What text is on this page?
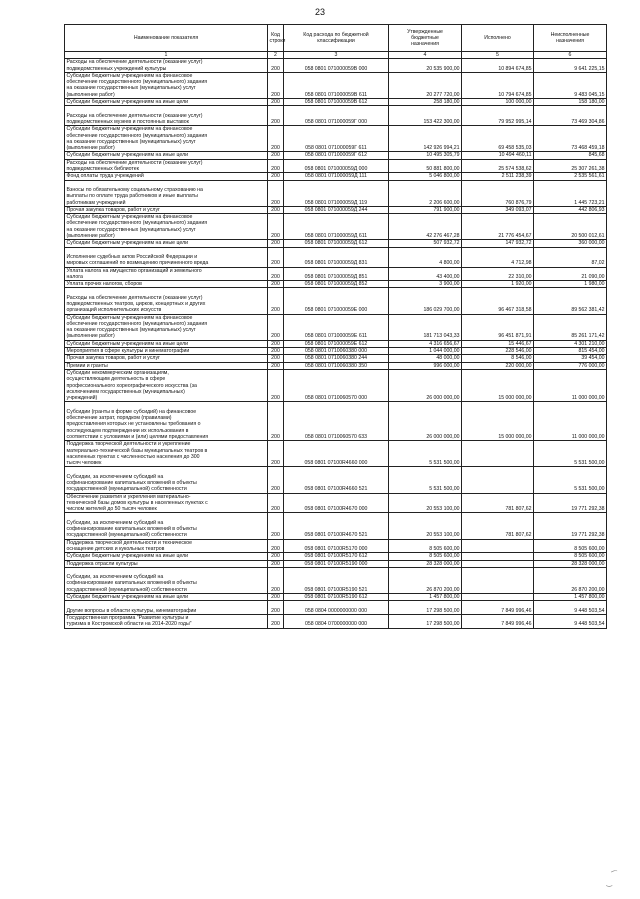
23
Наименование показателя	Код
строки	Код расхода по бюджетной классификации	Утвержденные
бюджетные
назначения	Исполнено	Неисполненные
назначения
1	2	3	4	5	6
Расходы на обеспечение деятельности (оказание услуг)
подведомственных учреждений культуры	200	058 0801 071000059В 000	20 535 900,00	10 894 674,85	9 641 225,15
Субсидии бюджетным учреждениям на финансовое
обеспечение государственного (муниципального) задания
на оказание государственных (муниципальных) услуг
(выполнение работ)	200	058 0801 071000059В 611	20 277 720,00	10 794 674,85	9 483 045,15
Субсидии бюджетным учреждениям на иные цели	200	058 0801 071000059В 612	258 180,00	100 000,00	158 180,00

Расходы на обеспечение деятельности (оказание услуг)
подведомственных музеев и постоянных выставок	200	058 0801 071000059Г 000	153 422 300,00	79 952 995,14	73 469 304,86
Субсидии бюджетным учреждениям на финансовое
обеспечение государственного (муниципального) задания
на оказание государственных (муниципальных) услуг
(выполнение работ)	200	058 0801 071000059Г 611	142 926 994,21	69 458 535,03	73 468 459,18
Субсидии бюджетным учреждениям на иные цели	200	058 0801 071000059Г 612	10 495 305,79	10 494 460,11	845,68
Расходы на обеспечение деятельности (оказание услуг)
подведомственных библиотек	200	058 0801 071000059Д 000	50 881 800,00	25 574 538,62	25 307 261,38
Фонд оплаты труда учреждений	200	058 0801 071000059Д 111	5 046 800,00	2 511 238,39	2 535 561,61

Взносы по обязательному социальному страхованию на
выплаты по оплате труда работников и иные выплаты
работникам учреждений	200	058 0801 071000059Д 119	2 206 600,00	760 876,79	1 445 723,21
Прочая закупка товаров, работ и услуг	200	058 0801 071000059Д 244	791 900,00	349 093,07	442 806,93
Субсидии бюджетным учреждениям на финансовое
обеспечение государственного (муниципального) задания
на оказание государственных (муниципальных) услуг
(выполнение работ)	200	058 0801 071000059Д 611	42 276 467,28	21 776 454,67	20 500 012,61
Субсидии бюджетным учреждениям на иные цели	200	058 0801 071000059Д 612	507 932,72	147 932,72	360 000,00

Исполнение судебных актов Российской Федерации и
мировых соглашений по возмещению причиненного вреда	200	058 0801 071000059Д 831	4 800,00	4 712,98	87,02
Уплата налога на имущество организаций и земельного
налога	200	058 0801 071000059Д 851	43 400,00	22 310,00	21 090,00
Уплата прочих налогов, сборов	200	058 0801 071000059Д 852	3 900,00	1 920,00	1 980,00

Расходы на обеспечение деятельности (оказание услуг)
подведомственных театров, цирков, концертных и других
организаций исполнительских искусств	200	058 0801 071000059Е 000	186 029 700,00	96 467 318,58	89 562 381,42
Субсидии бюджетным учреждениям на финансовое
обеспечение государственного (муниципального) задания
на оказание государственных (муниципальных) услуг
(выполнение работ)	200	058 0801 071000059Е 611	181 713 043,33	96 451 871,91	85 261 171,42
Субсидии бюджетным учреждениям на иные цели	200	058 0801 071000059Е 612	4 316 656,67	15 446,67	4 301 210,00
Мероприятия в сфере культуры и кинематографии	200	058 0801 0710060380 000	1 044 000,00	228 546,00	815 454,00
Прочая закупка товаров, работ и услуг	200	058 0801 0710060380 244	48 000,00	8 546,00	39 454,00
Премии и гранты	200	058 0801 0710060380 350	996 000,00	220 000,00	776 000,00
Субсидии некоммерческим организациям,
осуществляющим деятельность в сфере
профессионального хореографического искусства (за
исключением государственных (муниципальных)
учреждений)	200	058 0801 0710060570 000	26 000 000,00	15 000 000,00	11 000 000,00

Субсидии (гранты в форме субсидий) на финансовое
обеспечение затрат, порядком (правилами)
предоставления которых не установлены требования о
последующем подтверждении их использования в
соответствии с условиями и (или) целями предоставления	200	058 0801 0710060570 633	26 000 000,00	15 000 000,00	11 000 000,00
Поддержка творческой деятельности и укрепление
материально-технической базы муниципальных театров в
населенных пунктах с численностью населения до 300
тысяч человек	200	058 0801 07100R4660 000	5 531 500,00		5 531 500,00

Субсидии, за исключением субсидий на
софинансирование капитальных вложений в объекты
государственной (муниципальной) собственности	200	058 0801 07100R4660 521	5 531 500,00		5 531 500,00
Обеспечение развития и укрепления материально-
технической базы домов культуры в населенных пунктах с
числом жителей до 50 тысяч человек	200	058 0801 07100R4670 000	20 553 100,00	781 807,62	19 771 292,38

Субсидии, за исключением субсидий на
софинансирование капитальных вложений в объекты
государственной (муниципальной) собственности	200	058 0801 07100R4670 521	20 553 100,00	781 807,62	19 771 292,38
Поддержка творческой деятельности и техническое
оснащение детских и кукольных театров	200	058 0801 07100R5170 000	8 505 600,00		8 505 600,00
Субсидии бюджетным учреждениям на иные цели	200	058 0801 07100R5170 612	8 505 600,00		8 505 600,00
Поддержка отрасли культуры	200	058 0801 07100R5190 000	28 328 000,00		28 328 000,00

Субсидии, за исключением субсидий на
софинансирование капитальных вложений в объекты
государственной (муниципальной) собственности	200	058 0801 07100R5190 521	26 870 200,00		26 870 200,00
Субсидии бюджетным учреждениям на иные цели	200	058 0801 07100R5190 612	1 457 800,00		1 457 800,00

Другие вопросы в области культуры, кинематографии	200	058 0804 0000000000 000	17 298 500,00	7 849 996,46	9 448 503,54
Государственная программа "Развитие культуры и
туризма в Костромской области на 2014-2020 годы"	200	058 0804 0700000000 000	17 298 500,00	7 849 996,46	9 448 503,54
⁀
‿
